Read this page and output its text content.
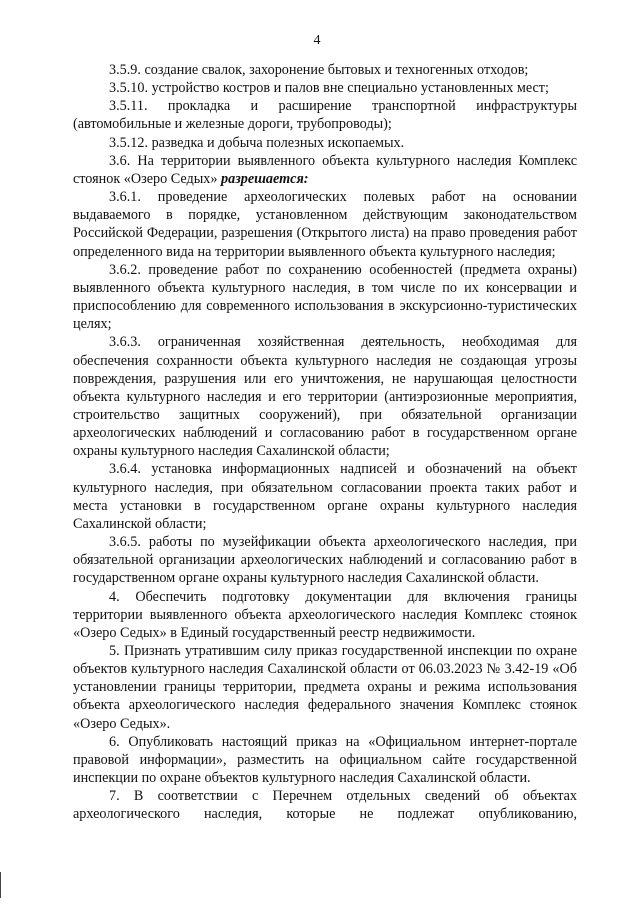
4

3.5.9. создание свалок, захоронение бытовых и техногенных отходов;

3.5.10. устройство костров и палов вне специально установленных мест;

3.5.11. прокладка и расширение транспортной инфраструктуры (автомобильные и железные дороги, трубопроводы);

3.5.12. разведка и добыча полезных ископаемых.

3.6. На территории выявленного объекта культурного наследия Комплекс стоянок «Озеро Седых» разрешается:

3.6.1. проведение археологических полевых работ на основании выдаваемого в порядке, установленном действующим законодательством Российской Федерации, разрешения (Открытого листа) на право проведения работ определенного вида на территории выявленного объекта культурного наследия;

3.6.2. проведение работ по сохранению особенностей (предмета охраны) выявленного объекта культурного наследия, в том числе по их консервации и приспособлению для современного использования в экскурсионно-туристических целях;

3.6.3. ограниченная хозяйственная деятельность, необходимая для обеспечения сохранности объекта культурного наследия не создающая угрозы повреждения, разрушения или его уничтожения, не нарушающая целостности объекта культурного наследия и его территории (антиэрозионные мероприятия, строительство защитных сооружений), при обязательной организации археологических наблюдений и согласованию работ в государственном органе охраны культурного наследия Сахалинской области;

3.6.4. установка информационных надписей и обозначений на объект культурного наследия, при обязательном согласовании проекта таких работ и места установки в государственном органе охраны культурного наследия Сахалинской области;

3.6.5. работы по музейфикации объекта археологического наследия, при обязательной организации археологических наблюдений и согласованию работ в государственном органе охраны культурного наследия Сахалинской области.

4. Обеспечить подготовку документации для включения границы территории выявленного объекта археологического наследия Комплекс стоянок «Озеро Седых» в Единый государственный реестр недвижимости.

5. Признать утратившим силу приказ государственной инспекции по охране объектов культурного наследия Сахалинской области от 06.03.2023 № 3.42-19 «Об установлении границы территории, предмета охраны и режима использования объекта археологического наследия федерального значения Комплекс стоянок «Озеро Седых».

6. Опубликовать настоящий приказ на «Официальном интернет-портале правовой информации», разместить на официальном сайте государственной инспекции по охране объектов культурного наследия Сахалинской области.

7. В соответствии с Перечнем отдельных сведений об объектах археологического наследия, которые не подлежат опубликованию,
